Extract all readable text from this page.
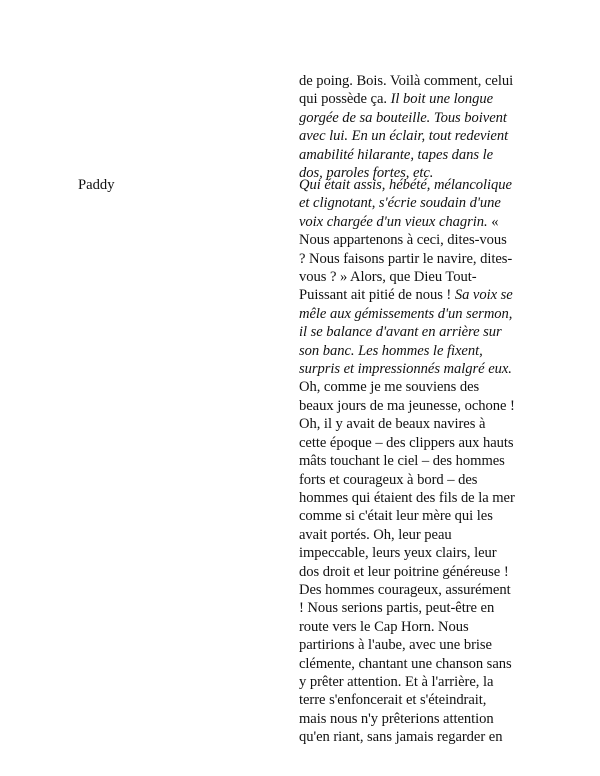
Paddy
de poing. Bois. Voilà comment, celui
qui possède ça. Il boit une longue
gorgée de sa bouteille. Tous boivent
avec lui. En un éclair, tout redevient
amabilité hilarante, tapes dans le
dos, paroles fortes, etc.
Qui était assis, hébété, mélancolique
et clignotant, s'écrie soudain d'une
voix chargée d'un vieux chagrin. «
Nous appartenons à ceci, dites-vous
? Nous faisons partir le navire, dites-
vous ? » Alors, que Dieu Tout-
Puissant ait pitié de nous ! Sa voix se
mêle aux gémissements d'un sermon,
il se balance d'avant en arrière sur
son banc. Les hommes le fixent,
surpris et impressionnés malgré eux.
Oh, comme je me souviens des
beaux jours de ma jeunesse, ochone !
Oh, il y avait de beaux navires à
cette époque – des clippers aux hauts
mâts touchant le ciel – des hommes
forts et courageux à bord – des
hommes qui étaient des fils de la mer
comme si c'était leur mère qui les
avait portés. Oh, leur peau
impeccable, leurs yeux clairs, leur
dos droit et leur poitrine généreuse !
Des hommes courageux, assurément
! Nous serions partis, peut-être en
route vers le Cap Horn. Nous
partirions à l'aube, avec une brise
clémente, chantant une chanson sans
y prêter attention. Et à l'arrière, la
terre s'enfoncerait et s'éteindrait,
mais nous n'y prêterions attention
qu'en riant, sans jamais regarder en
